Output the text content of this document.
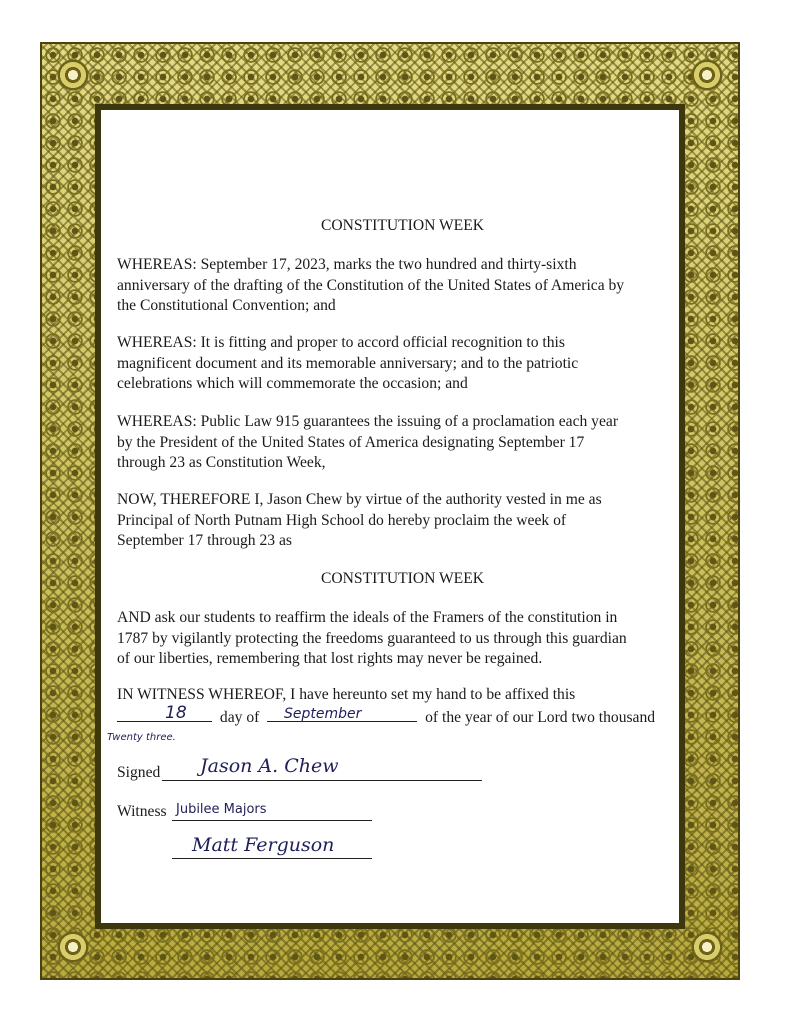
CONSTITUTION WEEK
WHEREAS: September 17, 2023, marks the two hundred and thirty-sixth
anniversary of the drafting of the Constitution of the United States of America by
the Constitutional Convention; and
WHEREAS: It is fitting and proper to accord official recognition to this
magnificent document and its memorable anniversary; and to the patriotic
celebrations which will commemorate the occasion; and
WHEREAS: Public Law 915 guarantees the issuing of a proclamation each year
by the President of the United States of America designating September 17
through 23 as Constitution Week,
NOW, THEREFORE I, Jason Chew by virtue of the authority vested in me as
Principal of North Putnam High School do hereby proclaim the week of
September 17 through 23 as
CONSTITUTION WEEK
AND ask our students to reaffirm the ideals of the Framers of the constitution in
1787 by vigilantly protecting the freedoms guaranteed to us through this guardian
of our liberties, remembering that lost rights may never be regained.
IN WITNESS WHEREOF, I have hereunto set my hand to be affixed this
day of	of the year of our Lord two thousand
18	September
Twenty three.
Signed Jason A. Chew
Witness Jubilee Majors
Matt Ferguson
